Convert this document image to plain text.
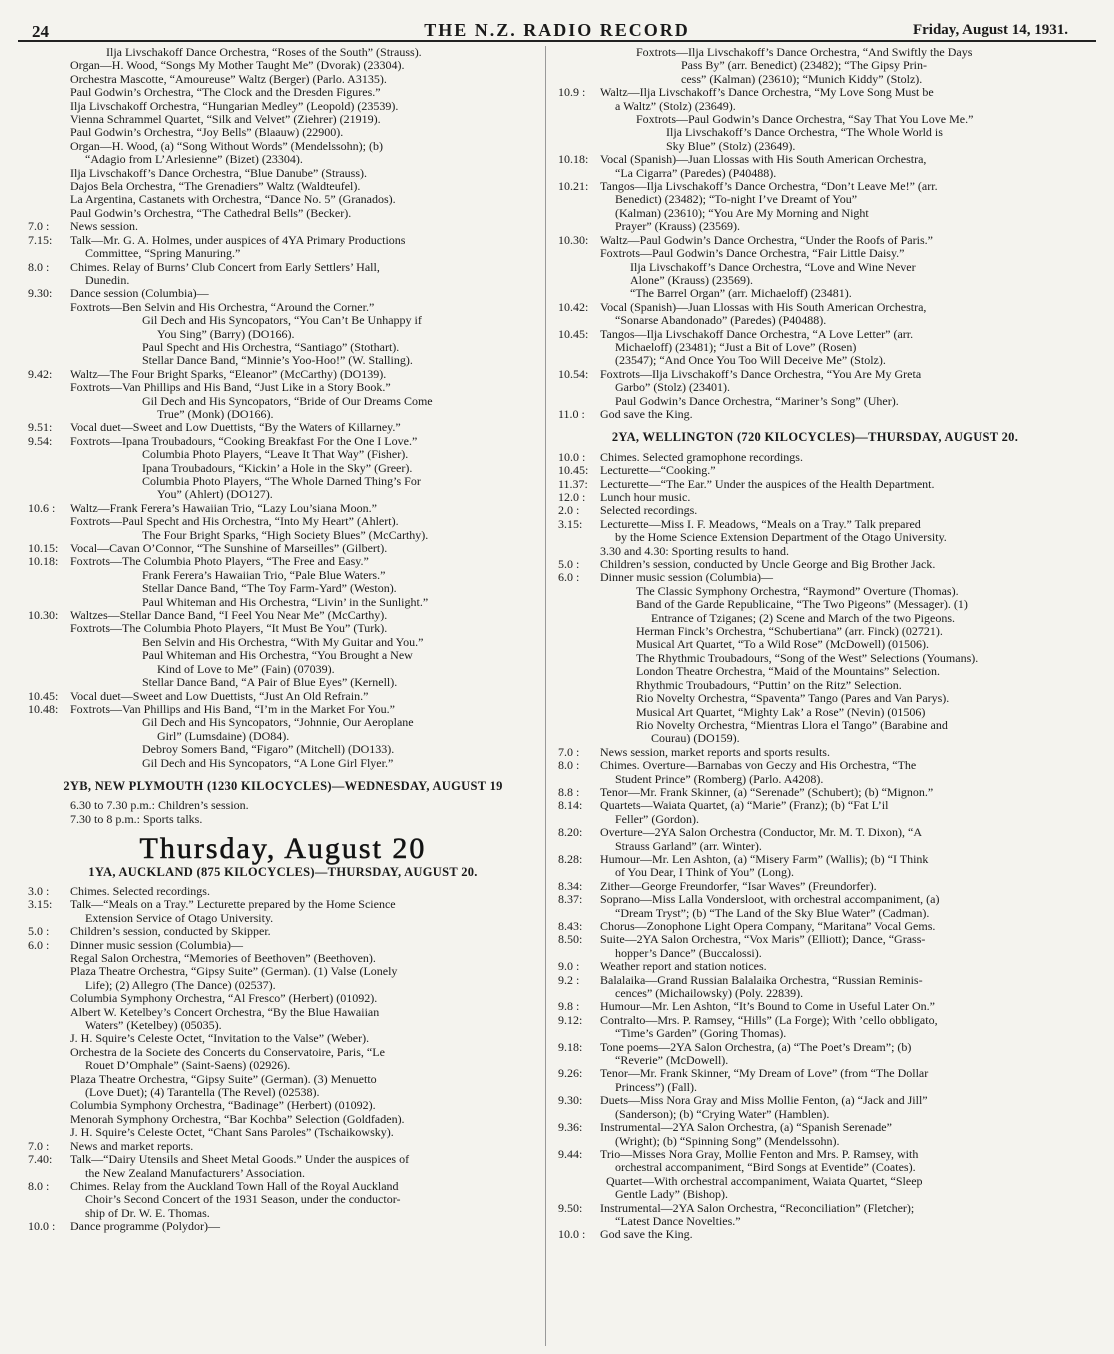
24	THE N.Z. RADIO RECORD	Friday, August 14, 1931.
Ilja Livschakoff Dance Orchestra, “Roses of the South” (Strauss).
Organ—H. Wood, “Songs My Mother Taught Me” (Dvorak) (23304).
Orchestra Mascotte, “Amoureuse” Waltz (Berger) (Parlo. A3135).
Paul Godwin’s Orchestra, “The Clock and the Dresden Figures.”
Ilja Livschakoff Orchestra, “Hungarian Medley” (Leopold) (23539).
Vienna Schrammel Quartet, “Silk and Velvet” (Ziehrer) (21919).
Paul Godwin’s Orchestra, “Joy Bells” (Blaauw) (22900).
Organ—H. Wood, (a) “Song Without Words” (Mendelssohn); (b)
“Adagio from L’Arlesienne” (Bizet) (23304).
Ilja Livschakoff’s Dance Orchestra, “Blue Danube” (Strauss).
Dajos Bela Orchestra, “The Grenadiers” Waltz (Waldteufel).
La Argentina, Castanets with Orchestra, “Dance No. 5” (Granados).
Paul Godwin’s Orchestra, “The Cathedral Bells” (Becker).
7.0 :	News session.
7.15:	Talk—Mr. G. A. Holmes, under auspices of 4YA Primary Productions
Committee, “Spring Manuring.”
8.0 :	Chimes. Relay of Burns’ Club Concert from Early Settlers’ Hall,
Dunedin.
9.30:	Dance session (Columbia)—
Foxtrots—Ben Selvin and His Orchestra, “Around the Corner.”
Gil Dech and His Syncopators, “You Can’t Be Unhappy if
You Sing” (Barry) (DO166).
Paul Specht and His Orchestra, “Santiago” (Stothart).
Stellar Dance Band, “Minnie’s Yoo-Hoo!” (W. Stalling).
9.42:	Waltz—The Four Bright Sparks, “Eleanor” (McCarthy) (DO139).
Foxtrots—Van Phillips and His Band, “Just Like in a Story Book.”
Gil Dech and His Syncopators, “Bride of Our Dreams Come
True” (Monk) (DO166).
9.51:	Vocal duet—Sweet and Low Duettists, “By the Waters of Killarney.”
9.54:	Foxtrots—Ipana Troubadours, “Cooking Breakfast For the One I Love.”
Columbia Photo Players, “Leave It That Way” (Fisher).
Ipana Troubadours, “Kickin’ a Hole in the Sky” (Greer).
Columbia Photo Players, “The Whole Darned Thing’s For
You” (Ahlert) (DO127).
10.6 :	Waltz—Frank Ferera’s Hawaiian Trio, “Lazy Lou’siana Moon.”
Foxtrots—Paul Specht and His Orchestra, “Into My Heart” (Ahlert).
The Four Bright Sparks, “High Society Blues” (McCarthy).
10.15: Vocal—Cavan O’Connor, “The Sunshine of Marseilles” (Gilbert).
10.18: Foxtrots—The Columbia Photo Players, “The Free and Easy.”
Frank Ferera’s Hawaiian Trio, “Pale Blue Waters.”
Stellar Dance Band, “The Toy Farm-Yard” (Weston).
Paul Whiteman and His Orchestra, “Livin’ in the Sunlight.”
10.30: Waltzes—Stellar Dance Band, “I Feel You Near Me” (McCarthy).
Foxtrots—The Columbia Photo Players, “It Must Be You” (Turk).
Ben Selvin and His Orchestra, “With My Guitar and You.”
Paul Whiteman and His Orchestra, “You Brought a New
Kind of Love to Me” (Fain) (07039).
Stellar Dance Band, “A Pair of Blue Eyes” (Kernell).
10.45: Vocal duet—Sweet and Low Duettists, “Just An Old Refrain.”
10.48: Foxtrots—Van Phillips and His Band, “I’m in the Market For You.”
Gil Dech and His Syncopators, “Johnnie, Our Aeroplane
Girl” (Lumsdaine) (DO84).
Debroy Somers Band, “Figaro” (Mitchell) (DO133).
Gil Dech and His Syncopators, “A Lone Girl Flyer.”
2YB, NEW PLYMOUTH (1230 KILOCYCLES)—WEDNESDAY, AUGUST 19
6.30 to 7.30 p.m.: Children’s session.
7.30 to 8 p.m.: Sports talks.
Thursday, August 20
1YA, AUCKLAND (875 KILOCYCLES)—THURSDAY, AUGUST 20.
3.0 :	Chimes. Selected recordings.
3.15:	Talk—“Meals on a Tray.” Lecturette prepared by the Home Science
Extension Service of Otago University.
5.0 :	Children’s session, conducted by Skipper.
6.0 :	Dinner music session (Columbia)—
Regal Salon Orchestra, “Memories of Beethoven” (Beethoven).
Plaza Theatre Orchestra, “Gipsy Suite” (German). (1) Valse (Lonely
Life); (2) Allegro (The Dance) (02537).
Columbia Symphony Orchestra, “Al Fresco” (Herbert) (01092).
Albert W. Ketelbey’s Concert Orchestra, “By the Blue Hawaiian
Waters” (Ketelbey) (05035).
J. H. Squire’s Celeste Octet, “Invitation to the Valse” (Weber).
Orchestra de la Societe des Concerts du Conservatoire, Paris, “Le
Rouet D’Omphale” (Saint-Saens) (02926).
Plaza Theatre Orchestra, “Gipsy Suite” (German). (3) Menuetto
(Love Duet); (4) Tarantella (The Revel) (02538).
Columbia Symphony Orchestra, “Badinage” (Herbert) (01092).
Menorah Symphony Orchestra, “Bar Kochba” Selection (Goldfaden).
J. H. Squire’s Celeste Octet, “Chant Sans Paroles” (Tschaikowsky).
7.0 :	News and market reports.
7.40:	Talk—“Dairy Utensils and Sheet Metal Goods.” Under the auspices of
the New Zealand Manufacturers’ Association.
8.0 :	Chimes. Relay from the Auckland Town Hall of the Royal Auckland
Choir’s Second Concert of the 1931 Season, under the conductor-
ship of Dr. W. E. Thomas.
10.0 :	Dance programme (Polydor)—
Foxtrots—Ilja Livschakoff’s Dance Orchestra, “And Swiftly the Days
Pass By” (arr. Benedict) (23482); “The Gipsy Prin-
cess” (Kalman) (23610); “Munich Kiddy” (Stolz).
10.9 :	Waltz—Ilja Livschakoff’s Dance Orchestra, “My Love Song Must be
a Waltz” (Stolz) (23649).
Foxtrots—Paul Godwin’s Dance Orchestra, “Say That You Love Me.”
Ilja Livschakoff’s Dance Orchestra, “The Whole World is
Sky Blue” (Stolz) (23649).
10.18: Vocal (Spanish)—Juan Llossas with His South American Orchestra,
“La Cigarra” (Paredes) (P40488).
10.21: Tangos—Ilja Livschakoff’s Dance Orchestra, “Don’t Leave Me!” (arr.
Benedict) (23482); “To-night I’ve Dreamt of You”
(Kalman) (23610); “You Are My Morning and Night
Prayer” (Krauss) (23569).
10.30: Waltz—Paul Godwin’s Dance Orchestra, “Under the Roofs of Paris.”
Foxtrots—Paul Godwin’s Dance Orchestra, “Fair Little Daisy.”
Ilja Livschakoff’s Dance Orchestra, “Love and Wine Never
Alone” (Krauss) (23569).
“The Barrel Organ” (arr. Michaeloff) (23481).
10.42: Vocal (Spanish)—Juan Llossas with His South American Orchestra,
“Sonarse Abandonado” (Paredes) (P40488).
10.45: Tangos—Ilja Livschakoff Dance Orchestra, “A Love Letter” (arr.
Michaeloff) (23481); “Just a Bit of Love” (Rosen)
(23547); “And Once You Too Will Deceive Me” (Stolz).
10.54: Foxtrots—Ilja Livschakoff’s Dance Orchestra, “You Are My Greta
Garbo” (Stolz) (23401).
Paul Godwin’s Dance Orchestra, “Mariner’s Song” (Uher).
11.0 :	God save the King.
2YA, WELLINGTON (720 KILOCYCLES)—THURSDAY, AUGUST 20.
10.0 :	Chimes. Selected gramophone recordings.
10.45: Lecturette—“Cooking.”
11.37:	Lecturette—“The Ear.” Under the auspices of the Health Department.
12.0 :	Lunch hour music.
2.0 :	Selected recordings.
3.15:	Lecturette—Miss I. F. Meadows, “Meals on a Tray.” Talk prepared
by the Home Science Extension Department of the Otago University.
3.30 and 4.30: Sporting results to hand.
5.0 :	Children’s session, conducted by Uncle George and Big Brother Jack.
6.0 :	Dinner music session (Columbia)—
The Classic Symphony Orchestra, “Raymond” Overture (Thomas).
Band of the Garde Republicaine, “The Two Pigeons” (Messager). (1)
Entrance of Tziganes; (2) Scene and March of the two Pigeons.
Herman Finck’s Orchestra, “Schubertiana” (arr. Finck) (02721).
Musical Art Quartet, “To a Wild Rose” (McDowell) (01506).
The Rhythmic Troubadours, “Song of the West” Selections (Youmans).
London Theatre Orchestra, “Maid of the Mountains” Selection.
Rhythmic Troubadours, “Puttin’ on the Ritz” Selection.
Rio Novelty Orchestra, “Spaventa” Tango (Pares and Van Parys).
Musical Art Quartet, “Mighty Lak’ a Rose” (Nevin) (01506)
Rio Novelty Orchestra, “Mientras Llora el Tango” (Barabine and
Courau) (DO159).
7.0 :	News session, market reports and sports results.
8.0 :	Chimes. Overture—Barnabas von Geczy and His Orchestra, “The
Student Prince” (Romberg) (Parlo. A4208).
8.8 :	Tenor—Mr. Frank Skinner, (a) “Serenade” (Schubert); (b) “Mignon.”
8.14:	Quartets—Waiata Quartet, (a) “Marie” (Franz); (b) “Fat L’il
Feller” (Gordon).
8.20:	Overture—2YA Salon Orchestra (Conductor, Mr. M. T. Dixon), “A
Strauss Garland” (arr. Winter).
8.28:	Humour—Mr. Len Ashton, (a) “Misery Farm” (Wallis); (b) “I Think
of You Dear, I Think of You” (Long).
8.34:	Zither—George Freundorfer, “Isar Waves” (Freundorfer).
8.37:	Soprano—Miss Lalla Vondersloot, with orchestral accompaniment, (a)
“Dream Tryst”; (b) “The Land of the Sky Blue Water” (Cadman).
8.43:	Chorus—Zonophone Light Opera Company, “Maritana” Vocal Gems.
8.50:	Suite—2YA Salon Orchestra, “Vox Maris” (Elliott); Dance, “Grass-
hopper’s Dance” (Buccalossi).
9.0 :	Weather report and station notices.
9.2 :	Balalaika—Grand Russian Balalaika Orchestra, “Russian Reminis-
cences” (Michailowsky) (Poly. 22839).
9.8 :	Humour—Mr. Len Ashton, “It’s Bound to Come in Useful Later On.”
9.12:	Contralto—Mrs. P. Ramsey, “Hills” (La Forge); With ’cello obbligato,
“Time’s Garden” (Goring Thomas).
9.18:	Tone poems—2YA Salon Orchestra, (a) “The Poet’s Dream”; (b)
“Reverie” (McDowell).
9.26:	Tenor—Mr. Frank Skinner, “My Dream of Love” (from “The Dollar
Princess”) (Fall).
9.30:	Duets—Miss Nora Gray and Miss Mollie Fenton, (a) “Jack and Jill”
(Sanderson); (b) “Crying Water” (Hamblen).
9.36:	Instrumental—2YA Salon Orchestra, (a) “Spanish Serenade”
(Wright); (b) “Spinning Song” (Mendelssohn).
9.44:	Trio—Misses Nora Gray, Mollie Fenton and Mrs. P. Ramsey, with
orchestral accompaniment, “Bird Songs at Eventide” (Coates).
Quartet—With orchestral accompaniment, Waiata Quartet, “Sleep
Gentle Lady” (Bishop).
9.50:	Instrumental—2YA Salon Orchestra, “Reconciliation” (Fletcher);
“Latest Dance Novelties.”
10.0 :	God save the King.
